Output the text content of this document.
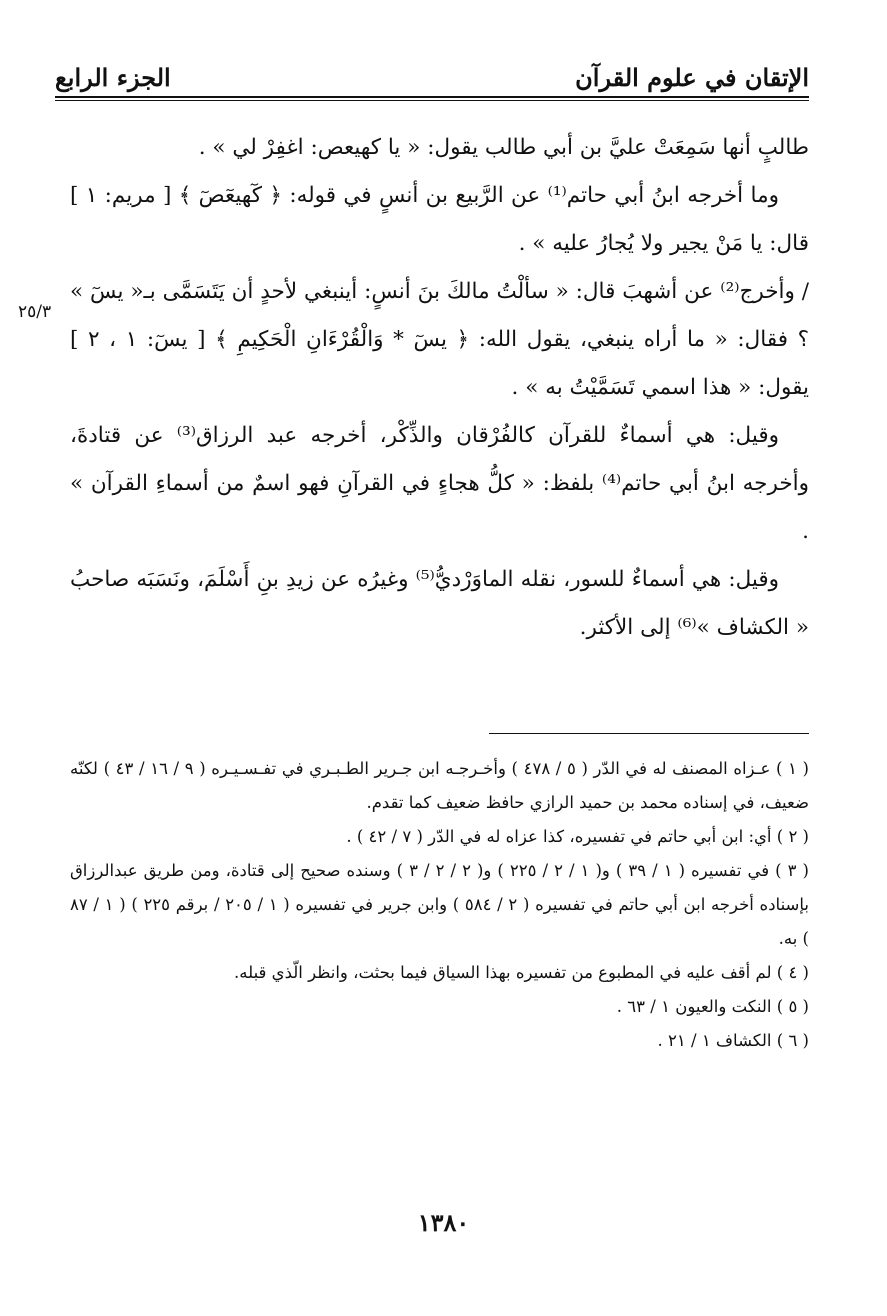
الإتقان في علوم القرآن
الجزء الرابع
٢٥/٣

طالبٍ أنها سَمِعَتْ عليَّ بن أبي طالب يقول: « يا كهيعص: اغفِرْ لي » .

وما أخرجه ابنُ أبي حاتم⁽¹⁾ عن الرَّبيع بن أنسٍ في قوله: ﴿ كٓهيعٓصٓ ﴾ [ مريم: ١ ] قال: يا مَنْ يجير ولا يُجارُ عليه » .

/ وأخرج⁽²⁾ عن أشهبَ قال: « سألْتُ مالكَ بنَ أنسٍ: أينبغي لأحدٍ أن يَتَسَمَّى بـ« يسٓ » ؟ فقال: « ما أراه ينبغي، يقول الله: ﴿ يسٓ * وَالْقُرْءَانِ الْحَكِيمِ ﴾ [ يسٓ: ١ ، ٢ ] يقول: « هذا اسمي تَسَمَّيْتُ به » .

وقيل: هي أسماءٌ للقرآن كالفُرْقان والذِّكْر، أخرجه عبد الرزاق⁽³⁾ عن قتادةَ، وأخرجه ابنُ أبي حاتم⁽⁴⁾ بلفظ: « كلُّ هجاءٍ في القرآنِ فهو اسمٌ من أسماءِ القرآن » .

وقيل: هي أسماءٌ للسور، نقله الماوَرْديُّ⁽⁵⁾ وغيرُه عن زيدِ بنِ أَسْلَمَ، ونَسَبَه صاحبُ « الكشاف »⁽⁶⁾ إلى الأكثر.

( ١ ) عـزاه المصنف له في الدّر ( ٥ / ٤٧٨ ) وأخـرجـه ابن جـرير الطـبـري في تفـسـيـره ( ٩ / ١٦ / ٤٣ ) لكنّه ضعيف، في إسناده محمد بن حميد الرازي حافظ ضعيف كما تقدم.

( ٢ ) أي: ابن أبي حاتم في تفسيره، كذا عزاه له في الدّر ( ٧ / ٤٢ ) .

( ٣ ) في تفسيره ( ١ / ٣٩ ) و( ١ / ٢ / ٢٢٥ ) و( ٢ / ٢ / ٣ ) وسنده صحيح إلى قتادة، ومن طريق عبدالرزاق بإسناده أخرجه ابن أبي حاتم في تفسيره ( ٢ / ٥٨٤ ) وابن جرير في تفسيره ( ١ / ٢٠٥ / برقم ٢٢٥ ) ( ١ / ٨٧ ) به.

( ٤ ) لم أقف عليه في المطبوع من تفسيره بهذا السياق فيما بحثت، وانظر الّذي قبله.

( ٥ ) النكت والعيون ١ / ٦٣ .

( ٦ ) الكشاف ١ / ٢١ .

١٣٨٠
